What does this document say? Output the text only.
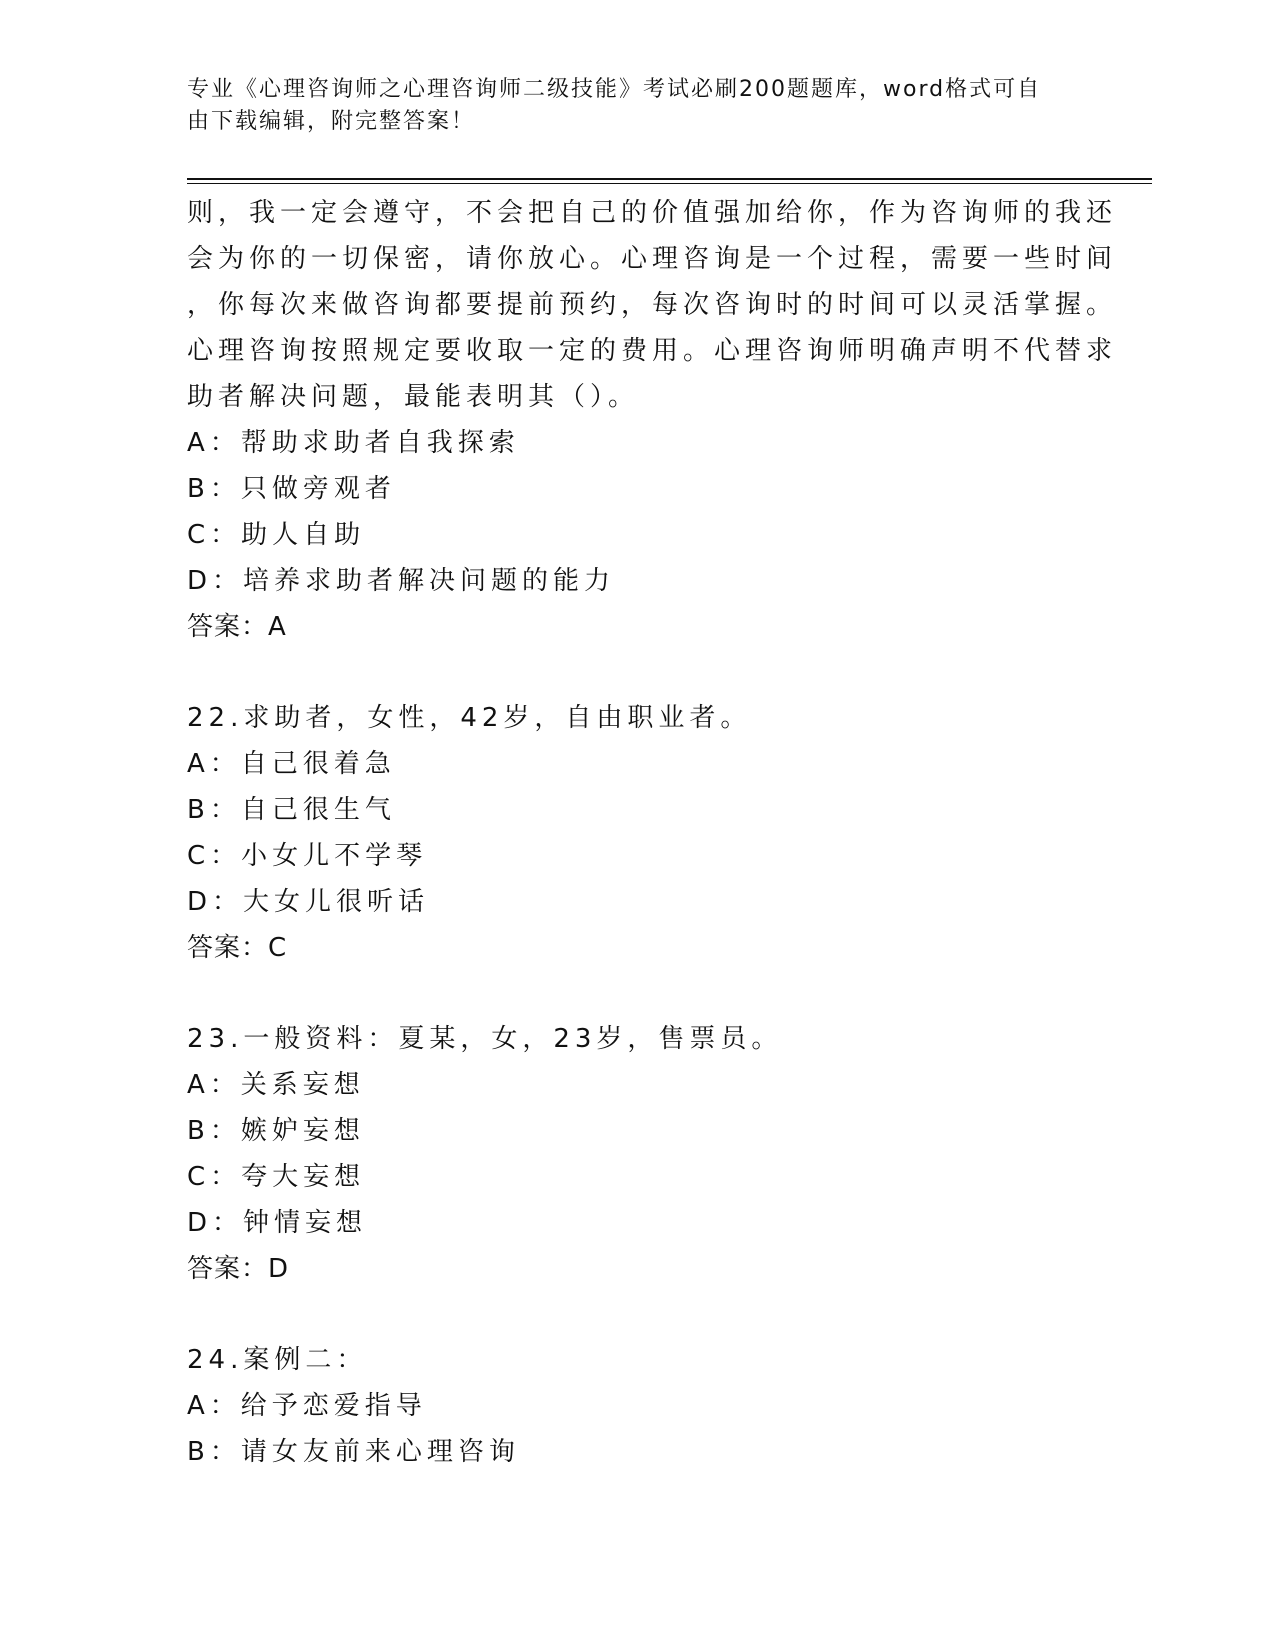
专业《心理咨询师之心理咨询师二级技能》考试必刷200题题库，word格式可自
由下载编辑，附完整答案！
则，我一定会遵守，不会把自己的价值强加给你，作为咨询师的我还
会为你的一切保密，请你放心。心理咨询是一个过程，需要一些时间
，你每次来做咨询都要提前预约，每次咨询时的时间可以灵活掌握。
心理咨询按照规定要收取一定的费用。心理咨询师明确声明不代替求
助者解决问题，最能表明其（）。
A：帮助求助者自我探索
B：只做旁观者
C：助人自助
D：培养求助者解决问题的能力
答案：A
22.求助者，女性，42岁，自由职业者。
A：自己很着急
B：自己很生气
C：小女儿不学琴
D：大女儿很听话
答案：C
23.一般资料：夏某，女，23岁，售票员。
A：关系妄想
B：嫉妒妄想
C：夸大妄想
D：钟情妄想
答案：D
24.案例二：
A：给予恋爱指导
B：请女友前来心理咨询
